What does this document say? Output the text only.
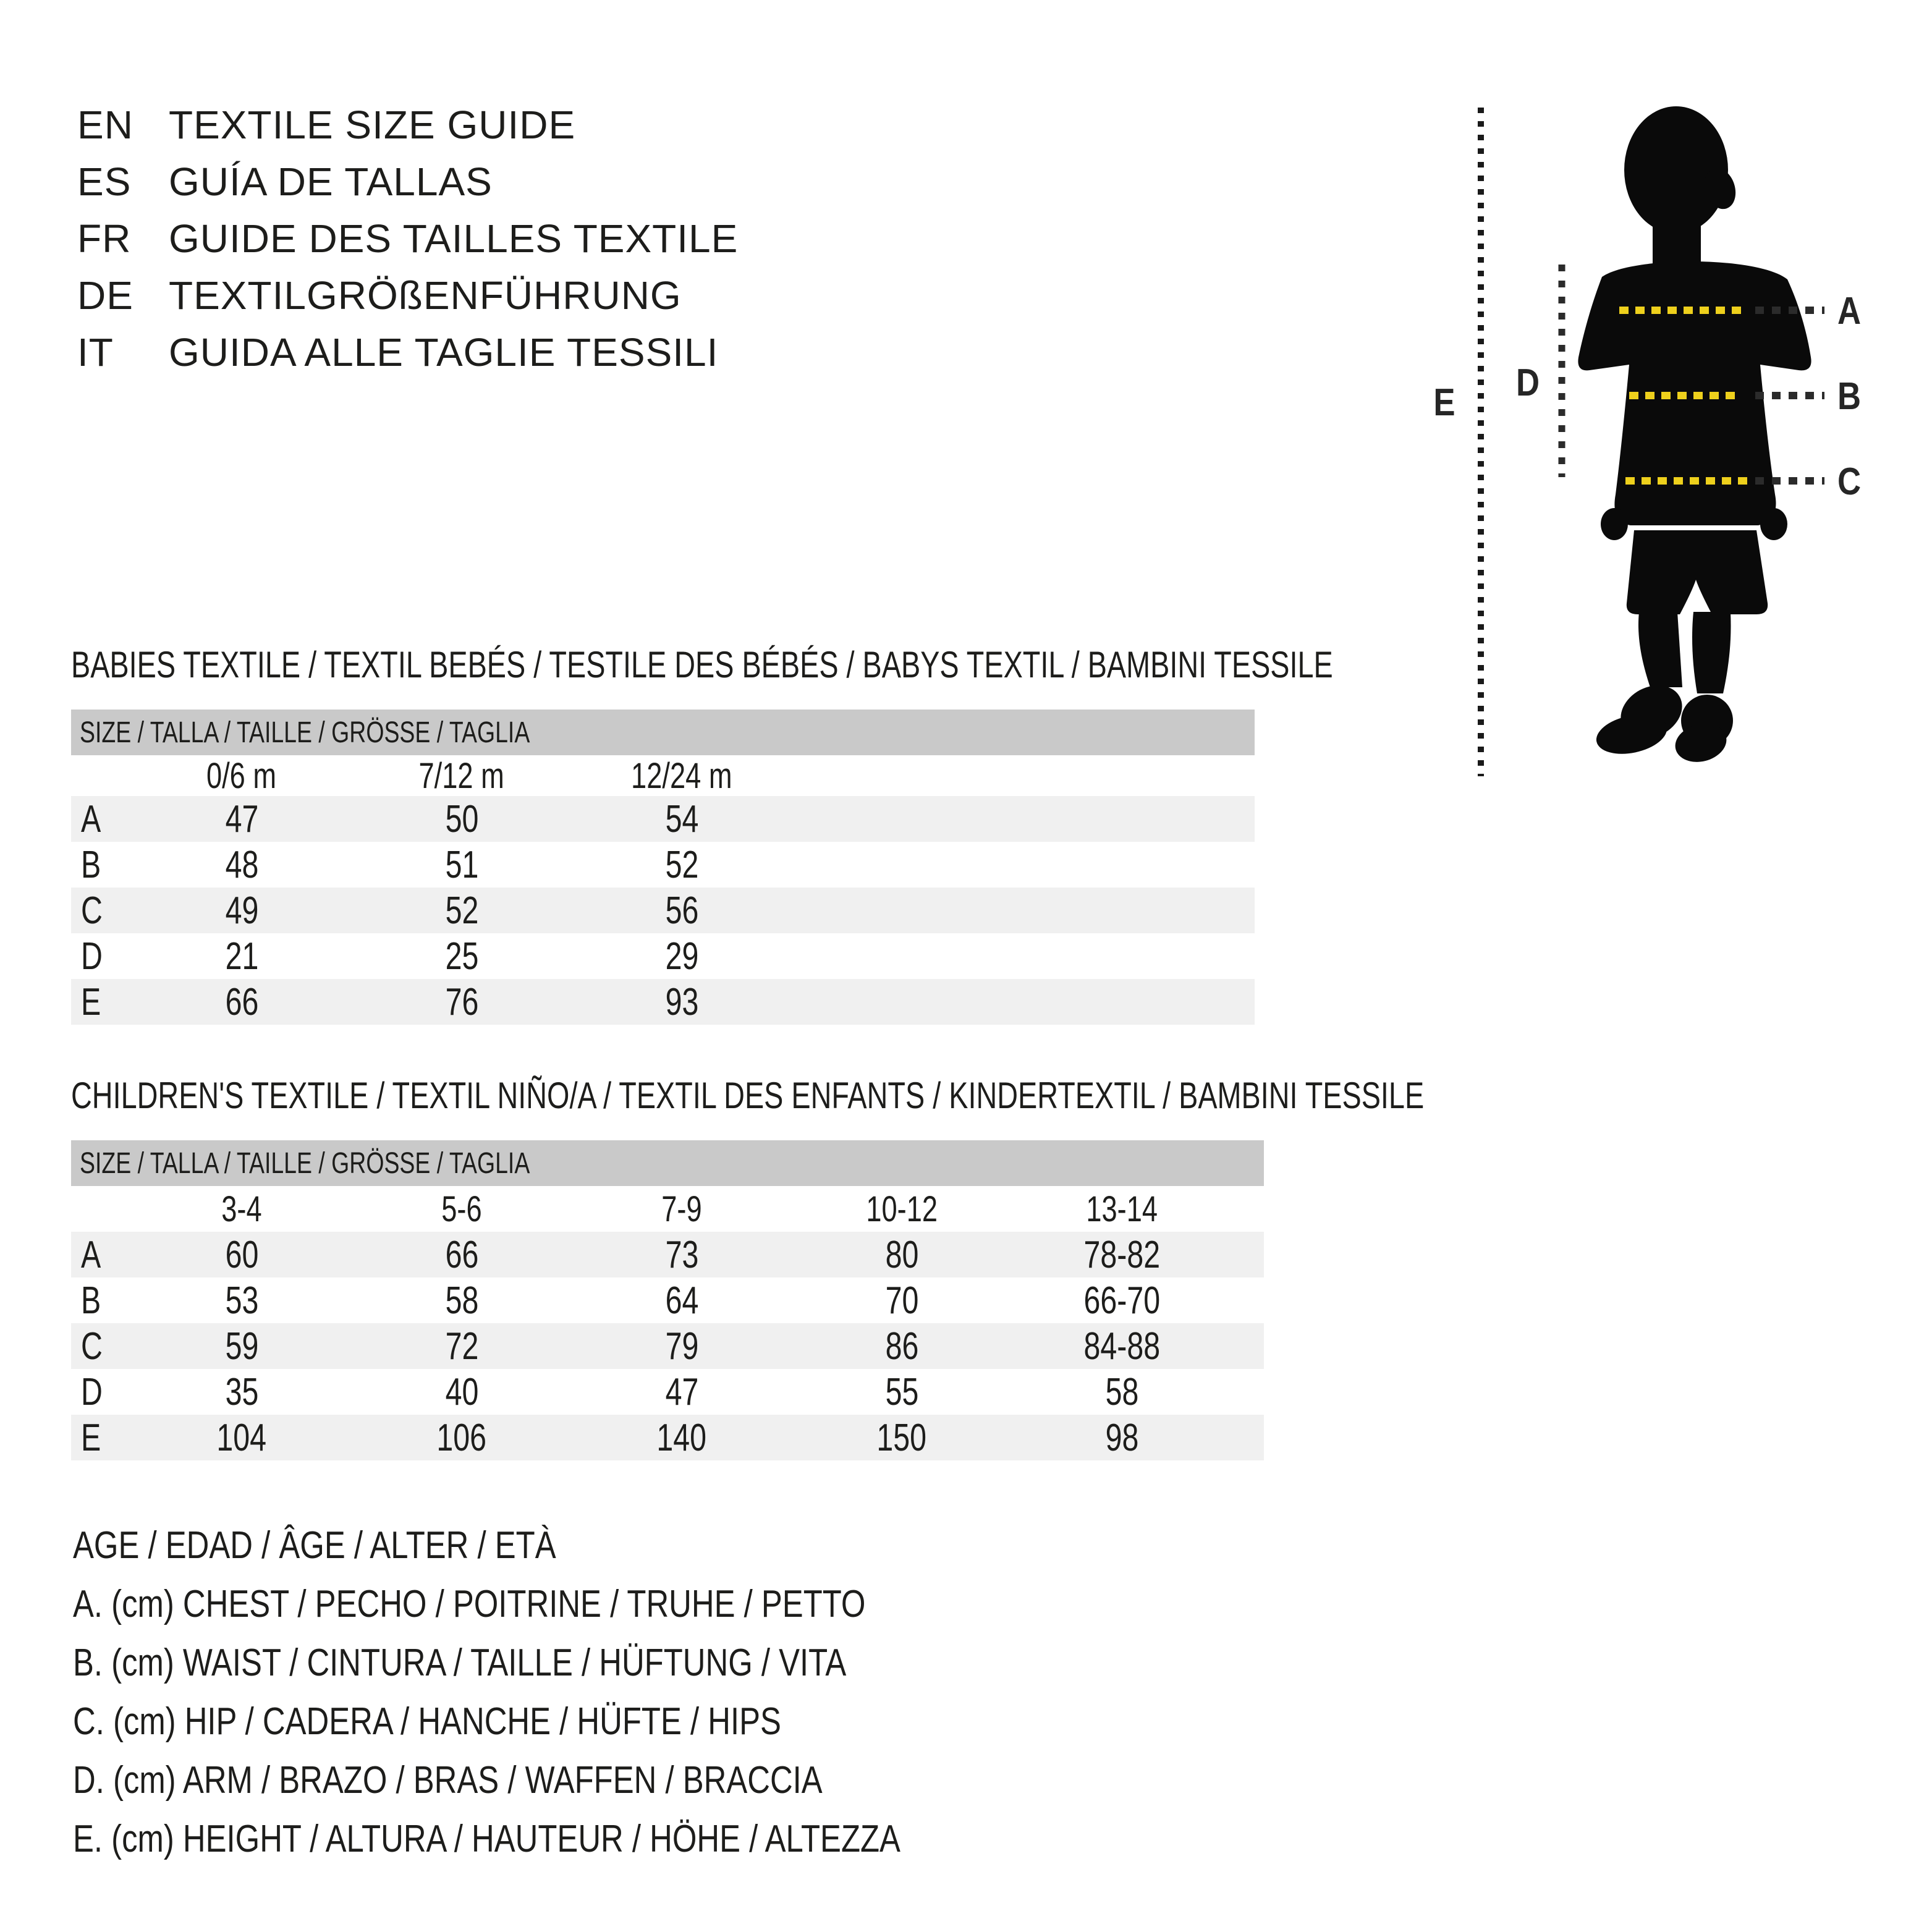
EN TEXTILE SIZE GUIDE
ES GUÍA DE TALLAS
FR GUIDE DES TAILLES TEXTILE
DE TEXTILGRÖßENFÜHRUNG
IT	GUIDA ALLE TAGLIE TESSILI
A
B
C
D
E
BABIES TEXTILE / TEXTIL BEBÉS / TESTILE DES BÉBÉS / BABYS TEXTIL / BAMBINI TESSILE
SIZE / TALLA / TAILLE / GRÖSSE / TAGLIA
0/6 m	7/12 m	12/24 m
A	47	50	54
B	48	51	52
C	49	52	56
D	21	25	29
E	66	76	93
CHILDREN'S TEXTILE / TEXTIL NIÑO/A / TEXTIL DES ENFANTS / KINDERTEXTIL / BAMBINI TESSILE
SIZE / TALLA / TAILLE / GRÖSSE / TAGLIA
3-4	5-6	7-9	10-12	13-14
A	60	66	73	80	78-82
B	53	58	64	70	66-70
C	59	72	79	86	84-88
D	35	40	47	55	58
E	104	106	140	150	98
AGE / EDAD / ÂGE / ALTER / ETÀ
A. (cm) CHEST / PECHO / POITRINE / TRUHE / PETTO
B. (cm) WAIST / CINTURA / TAILLE / HÜFTUNG / VITA
C. (cm) HIP / CADERA / HANCHE / HÜFTE / HIPS
D. (cm) ARM / BRAZO / BRAS / WAFFEN / BRACCIA
E. (cm) HEIGHT / ALTURA / HAUTEUR / HÖHE / ALTEZZA
